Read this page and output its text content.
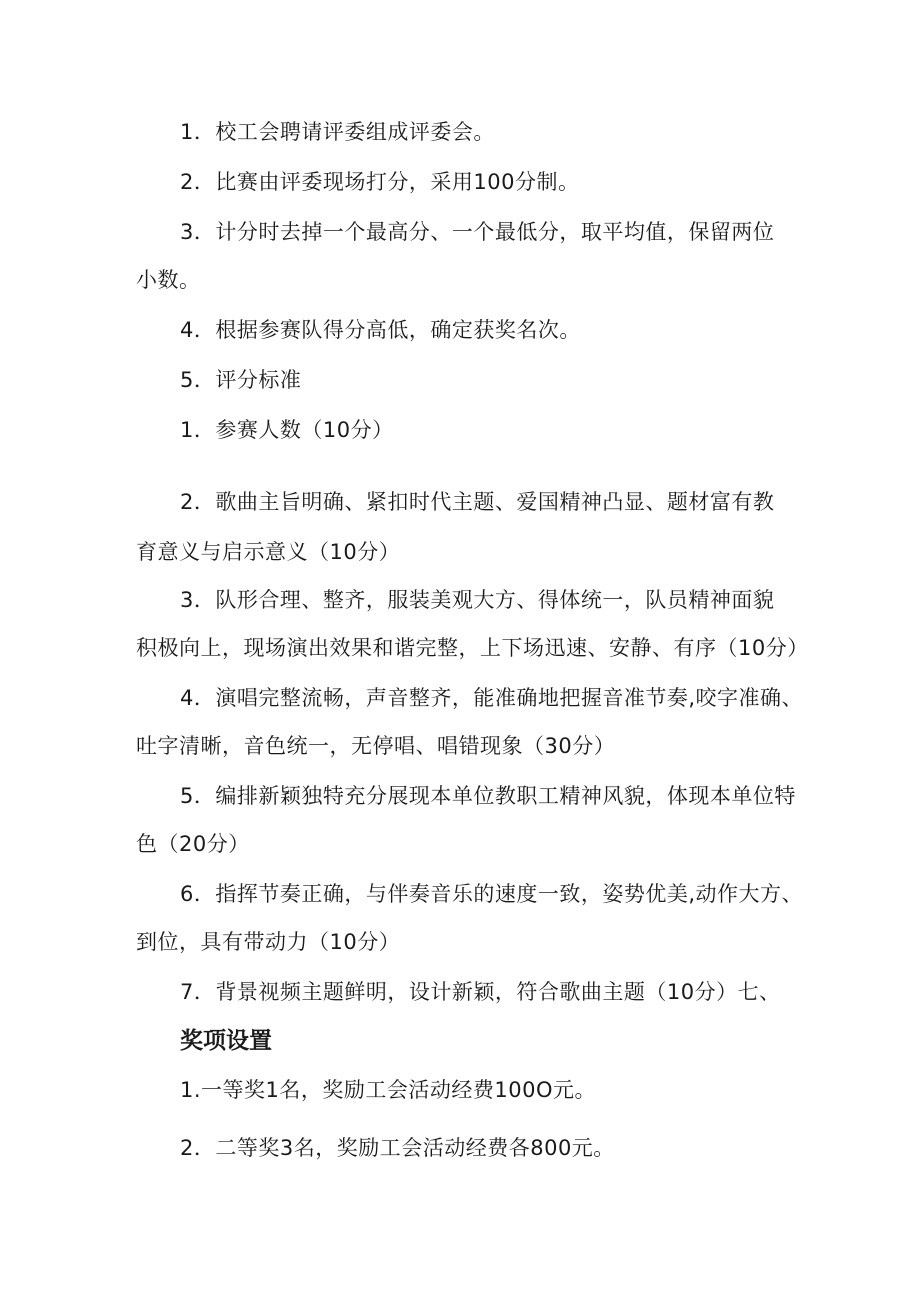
1．校工会聘请评委组成评委会。
2．比赛由评委现场打分，采用100分制。
3．计分时去掉一个最高分、一个最低分，取平均值，保留两位
小数。
4．根据参赛队得分高低，确定获奖名次。
5．评分标准
1．参赛人数（10分）
2．歌曲主旨明确、紧扣时代主题、爱国精神凸显、题材富有教
育意义与启示意义（10分）
3．队形合理、整齐，服装美观大方、得体统一，队员精神面貌
积极向上，现场演出效果和谐完整，上下场迅速、安静、有序（10分）
4．演唱完整流畅，声音整齐，能准确地把握音准节奏,咬字准确、
吐字清晰，音色统一，无停唱、唱错现象（30分）
5．编排新颖独特充分展现本单位教职工精神风貌，体现本单位特
色（20分）
6．指挥节奏正确，与伴奏音乐的速度一致，姿势优美,动作大方、
到位，具有带动力（10分）
7．背景视频主题鲜明，设计新颖，符合歌曲主题（10分）七、
奖项设置
1.一等奖1名，奖励工会活动经费100O元。
2．二等奖3名，奖励工会活动经费各800元。
